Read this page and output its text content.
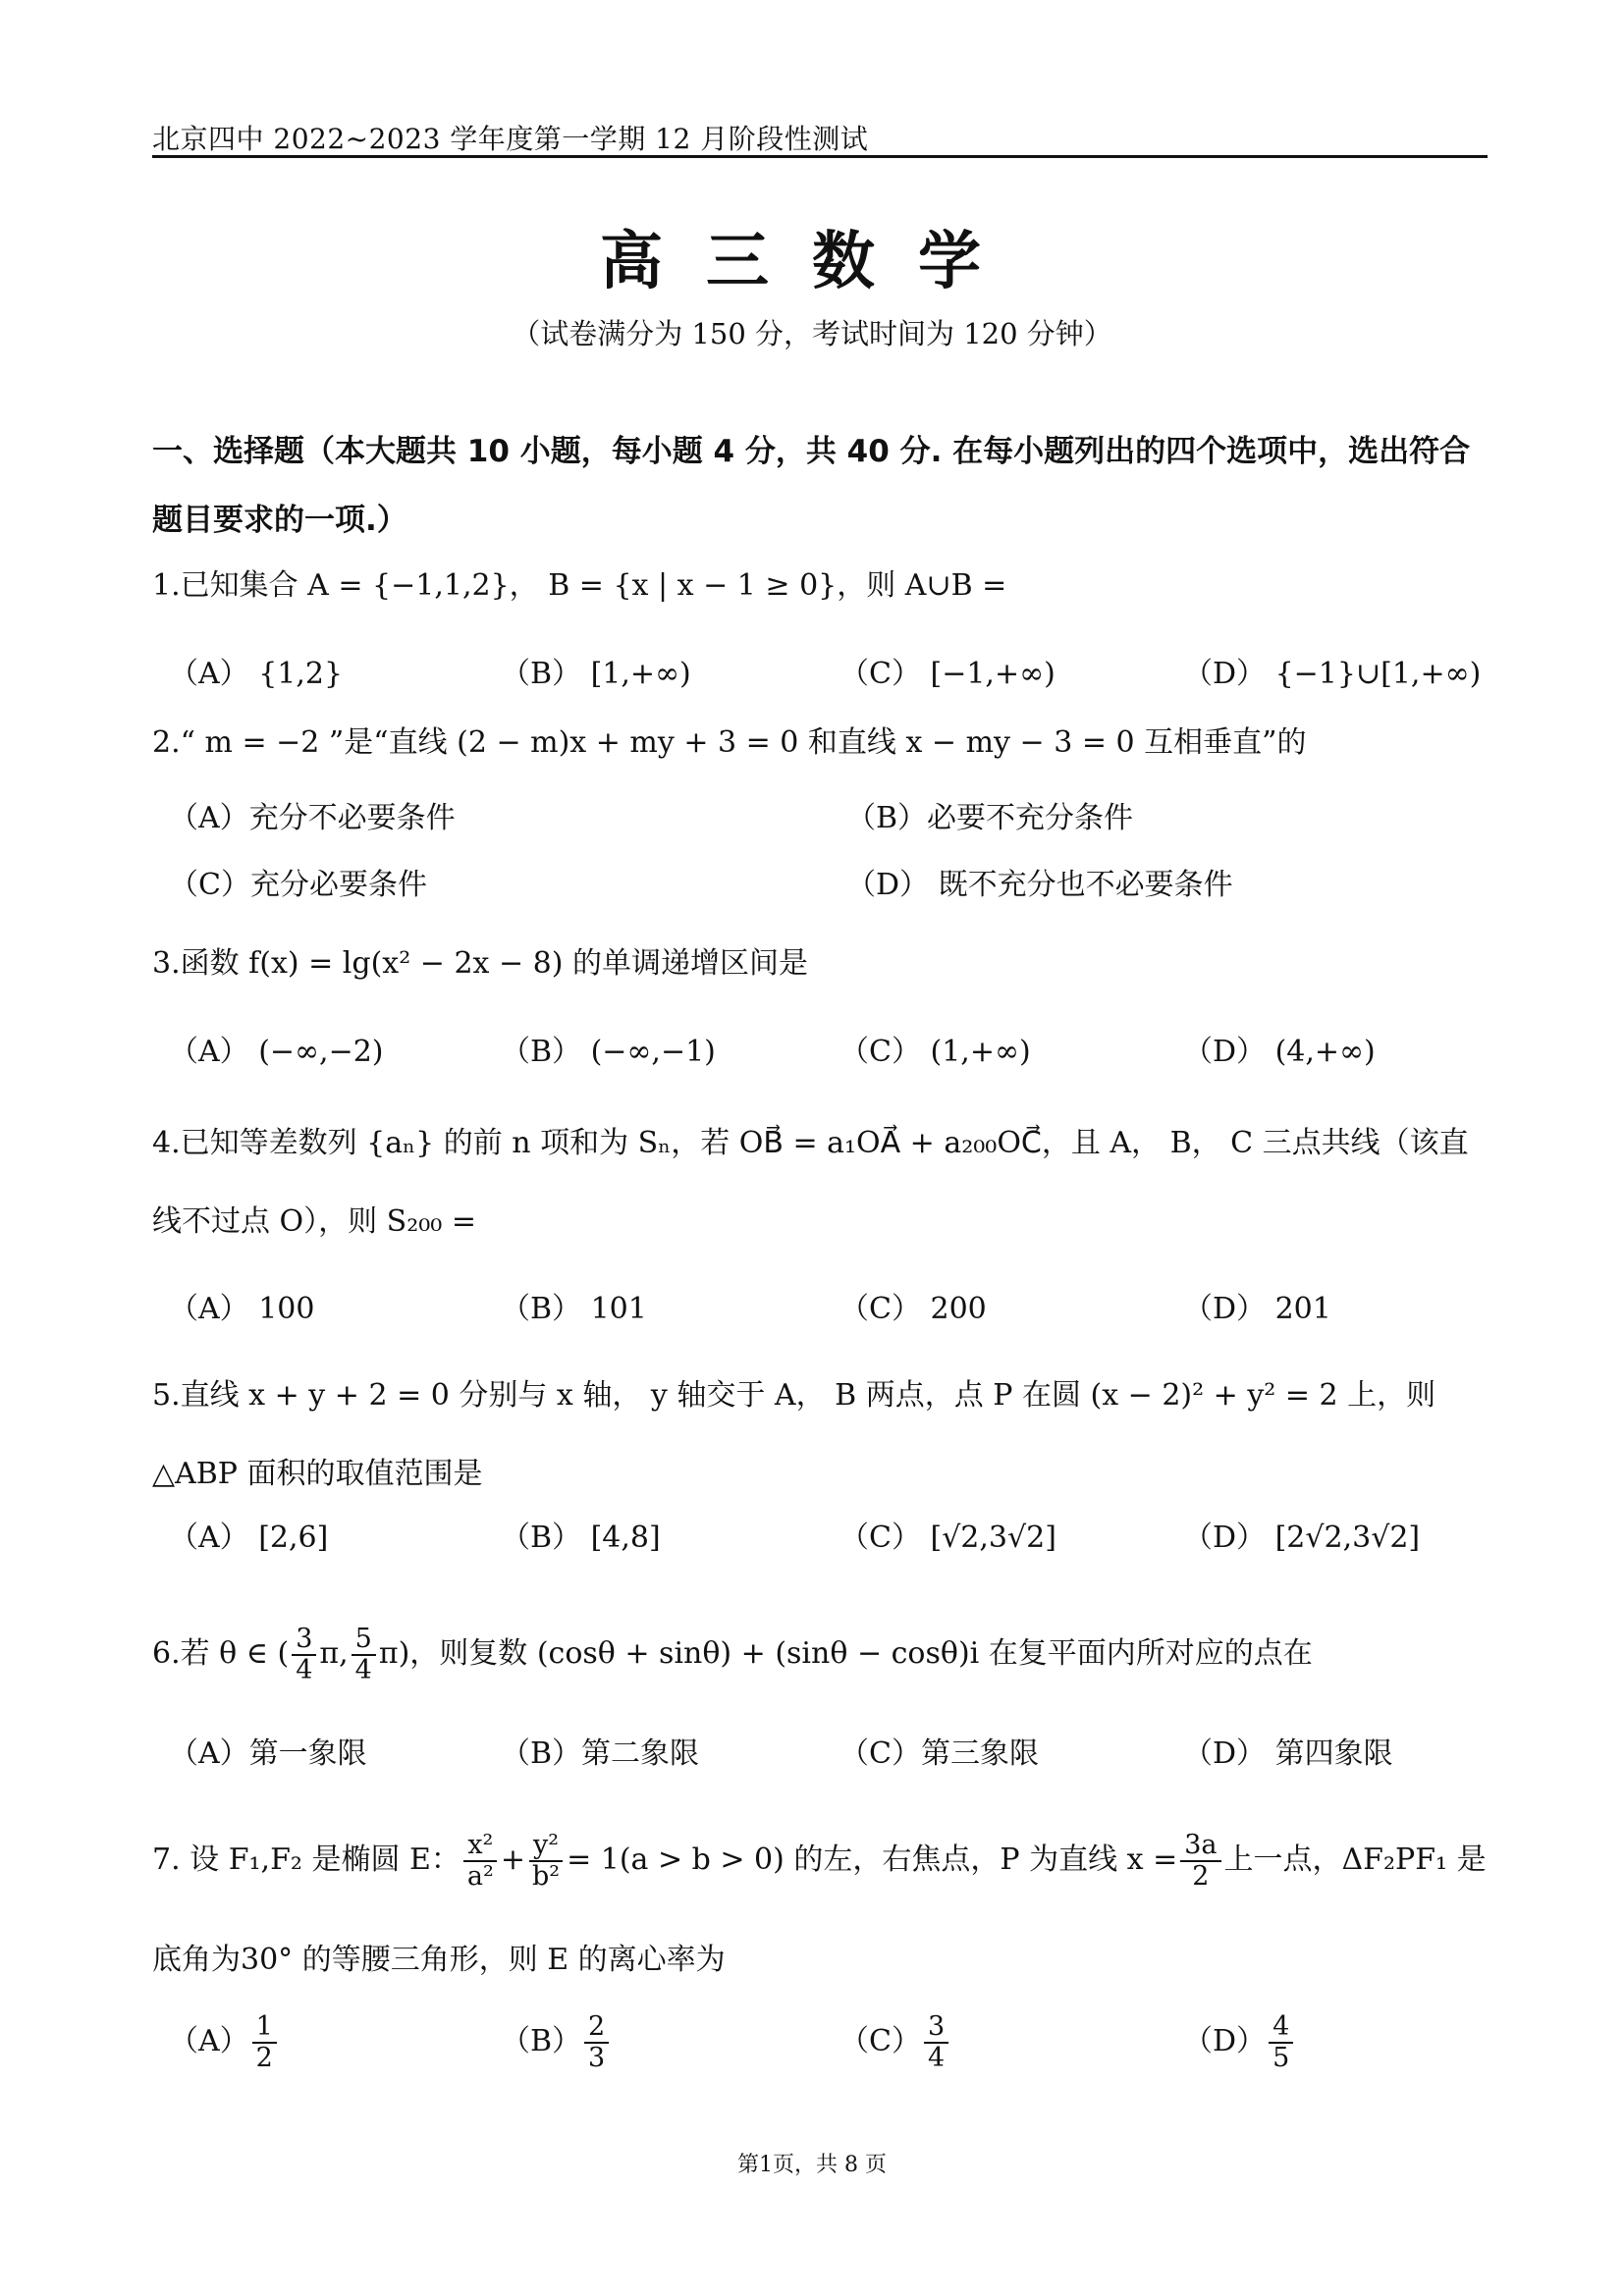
北京四中 2022~2023 学年度第一学期 12 月阶段性测试
高三数学
（试卷满分为 150 分，考试时间为 120 分钟）
一、选择题（本大题共 10 小题，每小题 4 分，共 40 分. 在每小题列出的四个选项中，选出符合题目要求的一项.）
1.已知集合 A = {−1,1,2}， B = {x | x − 1 ≥ 0}，则 A∪B =
（A） {1,2}	（B） [1,+∞)	（C） [−1,+∞)	（D） {−1}∪[1,+∞)
2.“ m = −2 ”是“直线 (2 − m)x + my + 3 = 0 和直线 x − my − 3 = 0 互相垂直”的
（A）充分不必要条件	（B）必要不充分条件
（C）充分必要条件	（D） 既不充分也不必要条件
3.函数 f(x) = lg(x² − 2x − 8) 的单调递增区间是
（A） (−∞,−2)	（B） (−∞,−1)	（C） (1,+∞)	（D） (4,+∞)
4.已知等差数列 {aₙ} 的前 n 项和为 Sₙ，若 OB⃗ = a₁OA⃗ + a₂₀₀OC⃗，且 A， B， C 三点共线（该直线不过点 O），则 S₂₀₀ =
（A） 100	（B） 101	（C） 200	（D） 201
5.直线 x + y + 2 = 0 分别与 x 轴， y 轴交于 A， B 两点，点 P 在圆 (x − 2)² + y² = 2 上，则△ABP 面积的取值范围是
（A） [2,6]	（B） [4,8]	（C） [√2,3√2]	（D） [2√2,3√2]
6.若 θ ∈ ( $\frac{3}{4} \pi$, $\frac{5}{4} \pi$)，则复数 (cosθ + sinθ) + (sinθ − cosθ)i 在复平面内所对应的点在
（A）第一象限	（B）第二象限	（C）第三象限	（D） 第四象限
7. 设 F₁,F₂ 是椭圆 E： $\frac{\text{x²}}{\text{a²}} + \frac{\text{y²}}{\text{b²}} = 1(a > b > 0)$ 的左，右焦点，P 为直线 $x = \frac{3a}{2}$ 上一点，ΔF₂PF₁ 是
底角为30° 的等腰三角形，则 E 的离心率为
$(A) \frac{1}{2}$	$(B) \frac{2}{3}$	$(C) \frac{3}{4}$	$(D) \frac{4}{5}$
第1页，共 8 页
